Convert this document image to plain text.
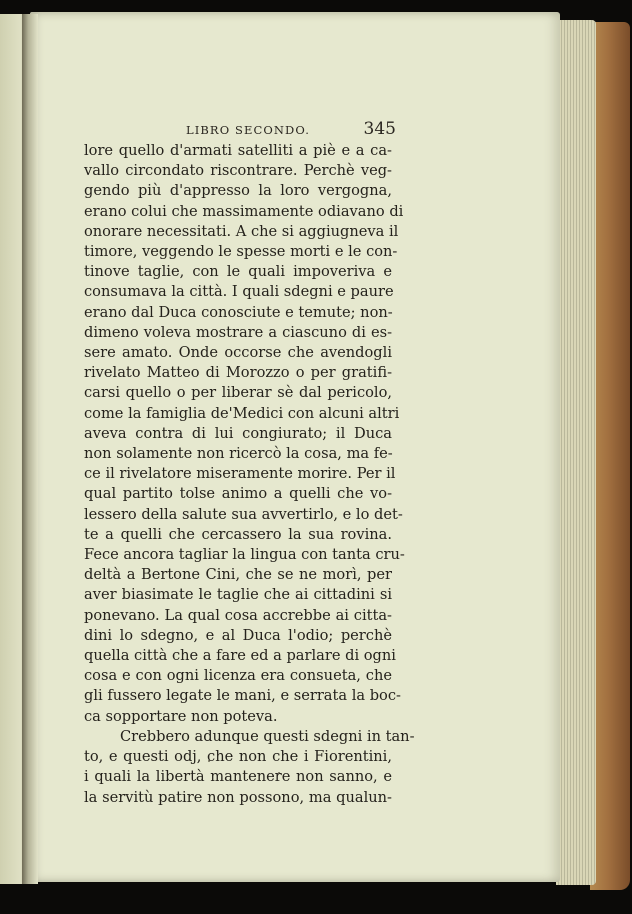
LIBRO SECONDO.	345
lore quello d'armati satelliti a piè e a ca-
vallo circondato riscontrare. Perchè veg-
gendo più d'appresso la loro vergogna,
erano colui che massimamente odiavano di
onorare necessitati. A che si aggiugneva il
timore, veggendo le spesse morti e le con-
tinove taglie, con le quali impoveriva e
consumava la città. I quali sdegni e paure
erano dal Duca conosciute e temute; non-
dimeno voleva mostrare a ciascuno di es-
sere amato. Onde occorse che avendogli
rivelato Matteo di Morozzo o per gratifi-
carsi quello o per liberar sè dal pericolo,
come la famiglia de'Medici con alcuni altri
aveva contra di lui congiurato; il Duca
non solamente non ricercò la cosa, ma fe-
ce il rivelatore miseramente morire. Per il
qual partito tolse animo a quelli che vo-
lessero della salute sua avvertirlo, e lo det-
te a quelli che cercassero la sua rovina.
Fece ancora tagliar la lingua con tanta cru-
deltà a Bertone Cini, che se ne morì, per
aver biasimate le taglie che ai cittadini si
ponevano. La qual cosa accrebbe ai citta-
dini lo sdegno, e al Duca l'odio; perchè
quella città che a fare ed a parlare di ogni
cosa e con ogni licenza era consueta, che
gli fussero legate le mani, e serrata la boc-
ca sopportare non poteva.
Crebbero adunque questi sdegni in tan-
to, e questi odj, che non che i Fiorentini,
i quali la libertà mantenere non sanno, e
la servitù patire non possono, ma qualun-
